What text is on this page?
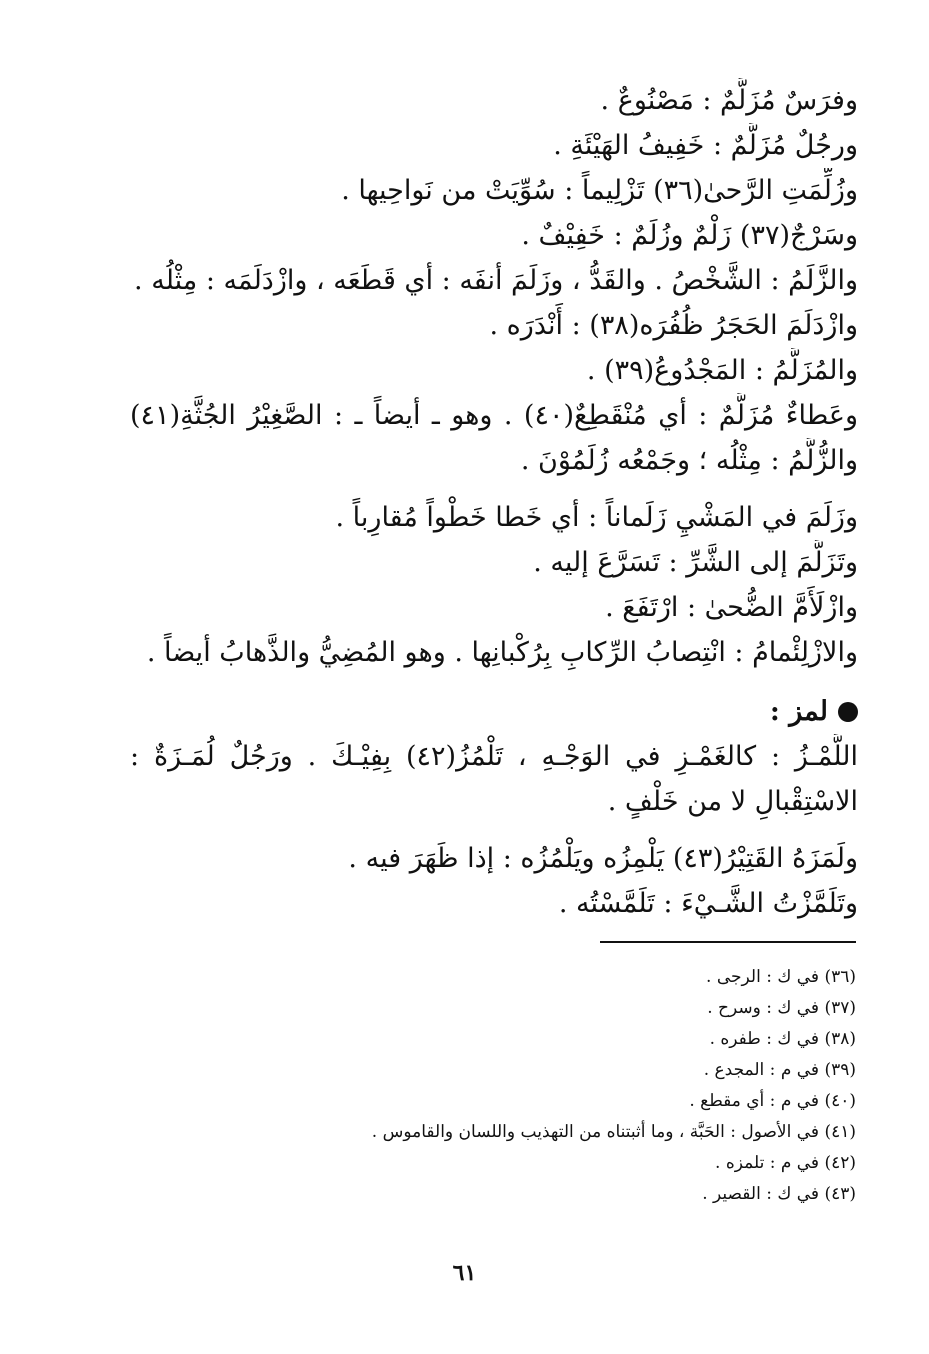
وفرَسٌ مُزَلَّمٌ : مَصْنُوعٌ .
ورجُلٌ مُزَلَّمٌ : خَفِيفُ الهَيْئَةِ .
وزُلِّمَتِ الرَّحىٰ(٣٦) تَزْلِيماً : سُوِّيَتْ من نَواحِيها .
وسَرْجٌ(٣٧) زَلْمٌ وزُلَمٌ : خَفِيْفٌ .
والزَّلَمُ : الشَّخْصُ . والقَدُّ ، وزَلَمَ أنفَه : أي قَطَعَه ، وازْدَلَمَه : مِثْلُه .
وازْدَلَمَ الحَجَرُ ظُفُرَه(٣٨) : أَنْدَرَه .
والمُزَلَّمُ : المَجْدُوعُ(٣٩) .
وعَطاءٌ مُزَلَّمٌ : أي مُنْقَطِعٌ(٤٠) . وهو ـ أيضاً ـ : الصَّغِيْرُ الجُثَّةِ(٤١)
والزُّلَّمُ : مِثْلُه ؛ وجَمْعُه زُلَمُوْنَ .
وزَلَمَ في المَشْيِ زَلَماناً : أي خَطا خَطْواً مُقارِباً .
وتَزَلَّمَ إلى الشَّرِّ : تَسَرَّعَ إليه .
وازْلَأَمَّ الضُّحىٰ : ارْتَفَعَ .
والازْلِئْمامُ : انْتِصابُ الرِّكابِ بِرُكْبانِها . وهو المُضِيُّ والذَّهابُ أيضاً .
لمز :
اللَّمْـزُ : كالغَمْـزِ في الوَجْـهِ ، تَلْمُزُ(٤٢) بِفِيْـكَ . ورَجُلٌ لُمَـزَةٌ :
الاسْتِقْبالِ لا من خَلْفٍ .
ولَمَزَهُ القَتِيْرُ(٤٣) يَلْمِزُه ويَلْمُزُه : إذا ظَهَرَ فيه .
وتَلَمَّزْتُ الشَّـيْءَ : تَلَمَّسْتُه .
(٣٦) في ك : الرجى .
(٣٧) في ك : وسرح .
(٣٨) في ك : طفره .
(٣٩) في م : المجدع .
(٤٠) في م : أي مقطع .
(٤١) في الأصول : الحَبَّة ، وما أثبتناه من التهذيب واللسان والقاموس .
(٤٢) في م : تلمزه .
(٤٣) في ك : القصير .
٦١
